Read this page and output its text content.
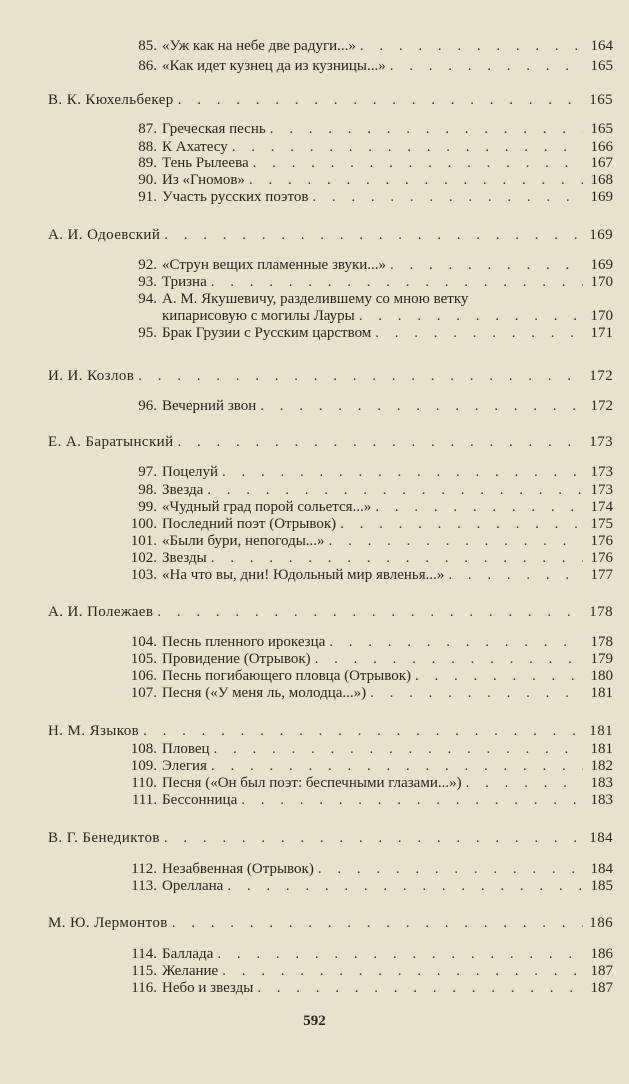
85. «Уж как на небе две радуги...» . . .	164
86. «Как идет кузнец да из кузницы...» . . .	165
В. К. Кюхельбекер . . .	165
87. Греческая песнь . . .	165
88. К Ахатесу . . .	166
89. Тень Рылеева . . .	167
90. Из «Гномов» . . .	168
91. Участь русских поэтов . . .	169
А. И. Одоевский . . .	169
92. «Струн вещих пламенные звуки...» . . .	169
93. Тризна . . .	170
94. А. М. Якушевичу, разделившему со мною ветку
кипарисовую с могилы Лауры . . .	170
95. Брак Грузии с Русским царством . . .	171
И. И. Козлов . . .	172
96. Вечерний звон . . .	172
Е. А. Баратынский . . .	173
97. Поцелуй . . .	173
98. Звезда . . .	173
99. «Чудный град порой сольется...» . . .	174
100. Последний поэт (Отрывок) . . .	175
101. «Были бури, непогоды...» . . .	176
102. Звезды . . .	176
103. «На что вы, дни! Юдольный мир явленья...» . . .	177
А. И. Полежаев . . .	178
104. Песнь пленного ирокезца . . .	178
105. Провидение (Отрывок) . . .	179
106. Песнь погибающего пловца (Отрывок) . . .	180
107. Песня («У меня ль, молодца...») . . .	181
Н. М. Языков . . .	181
108. Пловец . . .	181
109. Элегия . . .	182
110. Песня («Он был поэт: беспечными глазами...») . . .	183
111. Бессонница . . .	183
В. Г. Бенедиктов . . .	184
112. Незабвенная (Отрывок) . . .	184
113. Ореллана . . .	185
М. Ю. Лермонтов . . .	186
114. Баллада . . .	186
115. Желание . . .	187
116. Небо и звезды . . .	187
592
